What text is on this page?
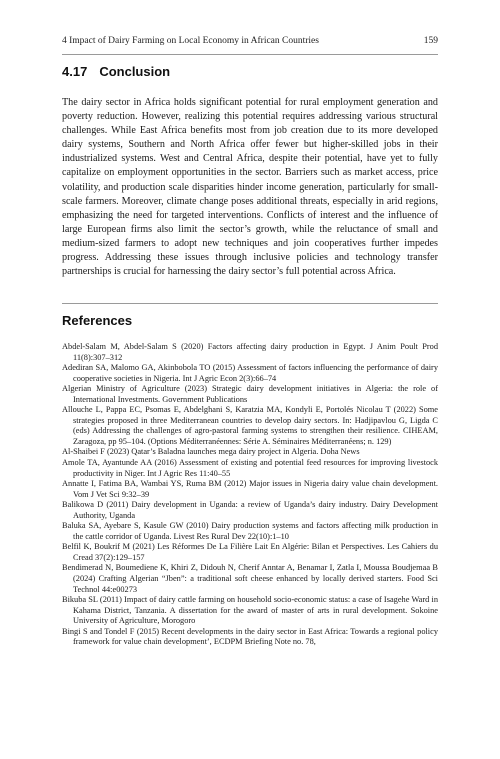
4 Impact of Dairy Farming on Local Economy in African Countries	159
4.17 Conclusion

The dairy sector in Africa holds significant potential for rural employment generation and poverty reduction. However, realizing this potential requires addressing various structural challenges. While East Africa benefits most from job creation due to its more developed dairy systems, Southern and North Africa offer fewer but higher-skilled jobs in their industrialized systems. West and Central Africa, despite their potential, have yet to fully capitalize on employment opportunities in the sector. Barriers such as market access, price volatility, and production scale disparities hinder income generation, particularly for small-scale farmers. Moreover, climate change poses additional threats, especially in arid regions, emphasizing the need for targeted interventions. Conflicts of interest and the influence of large European firms also limit the sector’s growth, while the reluctance of small and medium-sized farmers to adopt new techniques and join cooperatives further impedes progress. Addressing these issues through inclusive policies and technology transfer partnerships is crucial for harnessing the dairy sector’s full potential across Africa.

References
Abdel-Salam M, Abdel-Salam S (2020) Factors affecting dairy production in Egypt. J Anim Poult Prod 11(8):307–312
Adediran SA, Malomo GA, Akinbobola TO (2015) Assessment of factors influencing the performance of dairy cooperative societies in Nigeria. Int J Agric Econ 2(3):66–74
Algerian Ministry of Agriculture (2023) Strategic dairy development initiatives in Algeria: the role of International Investments. Government Publications
Allouche L, Pappa EC, Psomas E, Abdelghani S, Karatzia MA, Kondyli E, Portolés Nicolau T (2022) Some strategies proposed in three Mediterranean countries to develop dairy sectors. In: Hadjipavlou G, Ligda C (eds) Addressing the challenges of agro-pastoral farming systems to strengthen their resilience. CIHEAM, Zaragoza, pp 95–104. (Options Méditerranéennes: Série A. Séminaires Méditerranéens; n. 129)
Al-Shaibei F (2023) Qatar’s Baladna launches mega dairy project in Algeria. Doha News
Amole TA, Ayantunde AA (2016) Assessment of existing and potential feed resources for improving livestock productivity in Niger. Int J Agric Res 11:40–55
Annatte I, Fatima BA, Wambai YS, Ruma BM (2012) Major issues in Nigeria dairy value chain development. Vom J Vet Sci 9:32–39
Balikowa D (2011) Dairy development in Uganda: a review of Uganda’s dairy industry. Dairy Development Authority, Uganda
Baluka SA, Ayebare S, Kasule GW (2010) Dairy production systems and factors affecting milk production in the cattle corridor of Uganda. Livest Res Rural Dev 22(10):1–10
Belfil K, Boukrif M (2021) Les Réformes De La Filière Lait En Algérie: Bilan et Perspectives. Les Cahiers du Cread 37(2):129–157
Bendimerad N, Boumediene K, Khiri Z, Didouh N, Cherif Anntar A, Benamar I, Zatla I, Moussa Boudjemaa B (2024) Crafting Algerian “Jben”: a traditional soft cheese enhanced by locally derived starters. Food Sci Technol 44:e00273
Bikuba SL (2011) Impact of dairy cattle farming on household socio-economic status: a case of Isagehe Ward in Kahama District, Tanzania. A dissertation for the award of master of arts in rural development. Sokoine University of Agriculture, Morogoro
Bingi S and Tondel F (2015) Recent developments in the dairy sector in East Africa: Towards a regional policy framework for value chain development’, ECDPM Briefing Note no. 78,
